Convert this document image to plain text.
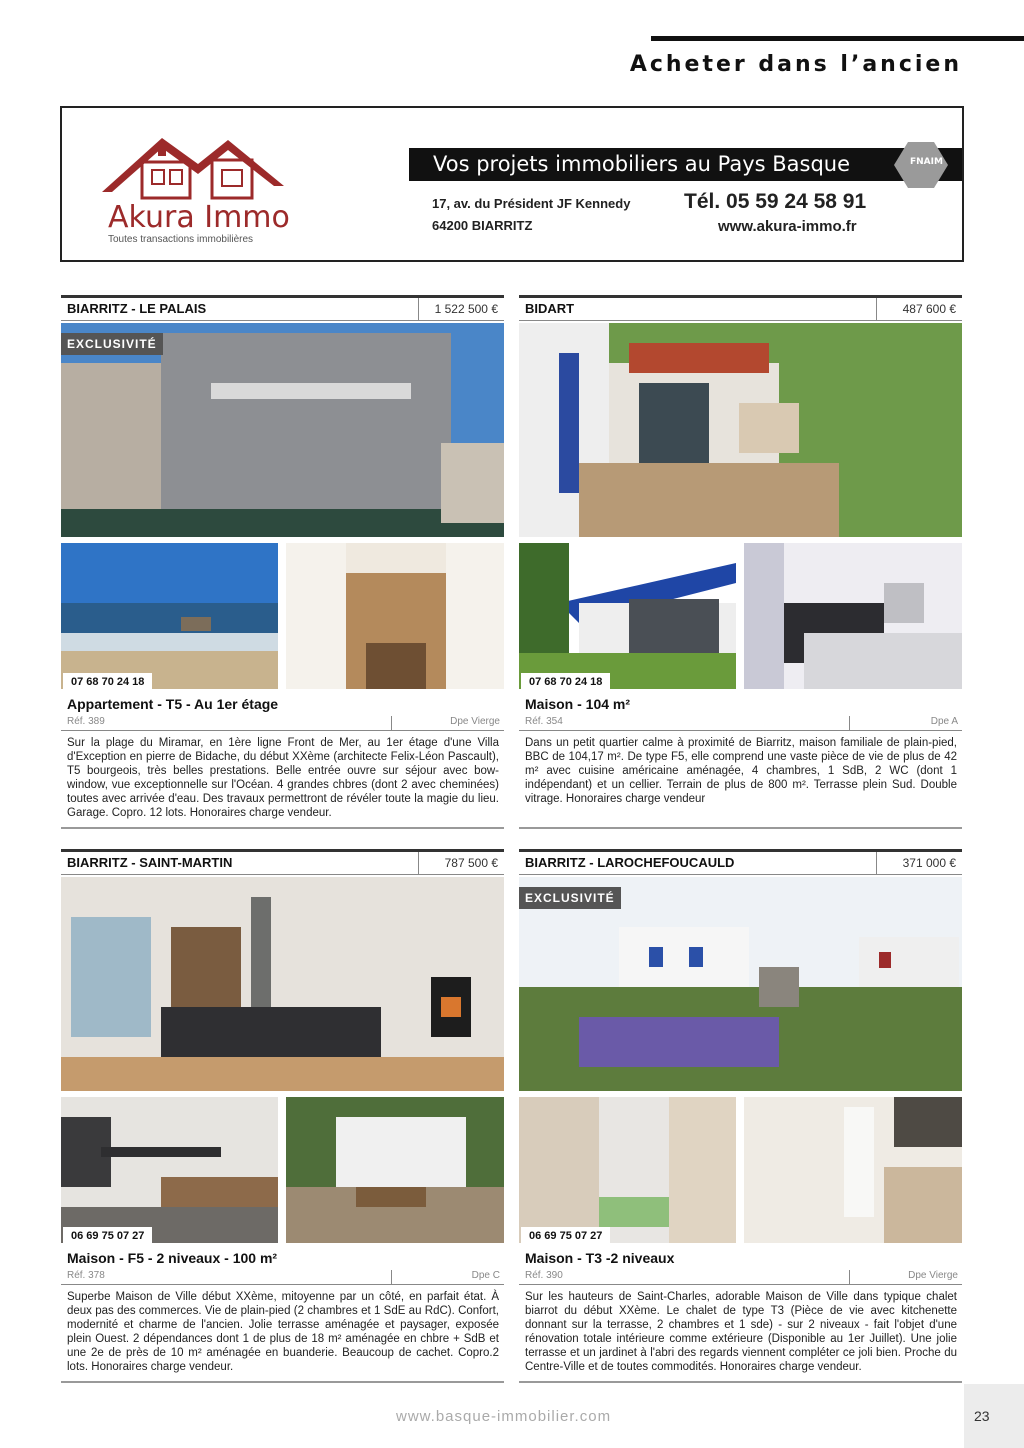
Acheter dans l’ancien
Akura Immo
Toutes transactions immobilières
Vos projets immobiliers au Pays Basque	FNAIM
17, av. du Président JF Kennedy
64200 BIARRITZ
Tél. 05 59 24 58 91
www.akura-immo.fr
BIARRITZ - LE PALAIS	1 522 500 €
EXCLUSIVITÉ
07 68 70 24 18
Appartement - T5 - Au 1er étage
Réf. 389	Dpe Vierge
Sur la plage du Miramar, en 1ère ligne Front de Mer, au 1er étage d'une Villa d'Exception en pierre de Bidache, du début XXème (architecte Felix-Léon Pascault), T5 bourgeois, très belles prestations. Belle entrée ouvre sur séjour avec bow-window, vue exceptionnelle sur l'Océan. 4 grandes chbres (dont 2 avec cheminées) toutes avec arrivée d'eau. Des travaux permettront de révéler toute la magie du lieu. Garage. Copro. 12 lots. Honoraires charge vendeur.
BIDART	487 600 €
07 68 70 24 18
Maison - 104 m²
Réf. 354	Dpe A
Dans un petit quartier calme à proximité de Biarritz, maison familiale de plain-pied, BBC de 104,17 m². De type F5, elle comprend une vaste pièce de vie de plus de 42 m² avec cuisine américaine aménagée, 4 chambres, 1 SdB, 2 WC (dont 1 indépendant) et un cellier. Terrain de plus de 800 m². Terrasse plein Sud. Double vitrage. Honoraires charge vendeur
BIARRITZ - SAINT-MARTIN	787 500 €
06 69 75 07 27
Maison - F5 - 2 niveaux - 100 m²
Réf. 378	Dpe C
Superbe Maison de Ville début XXème, mitoyenne par un côté, en parfait état. À deux pas des commerces. Vie de plain-pied (2 chambres et 1 SdE au RdC). Confort, modernité et charme de l'ancien. Jolie terrasse aménagée et paysager, exposée plein Ouest. 2 dépendances dont 1 de plus de 18 m² aménagée en chbre + SdB et une 2e de près de 10 m² aménagée en buanderie. Beaucoup de cachet. Copro.2 lots. Honoraires charge vendeur.
BIARRITZ - LAROCHEFOUCAULD	371 000 €
EXCLUSIVITÉ
06 69 75 07 27
Maison - T3 -2 niveaux
Réf. 390	Dpe Vierge
Sur les hauteurs de Saint-Charles, adorable Maison de Ville dans typique chalet biarrot du début XXème. Le chalet de type T3 (Pièce de vie avec kitchenette donnant sur la terrasse, 2 chambres et 1 sde) - sur 2 niveaux - fait l'objet d'une rénovation totale intérieure comme extérieure (Disponible au 1er Juillet). Une jolie terrasse et un jardinet à l'abri des regards viennent compléter ce joli bien. Proche du Centre-Ville et de toutes commodités. Honoraires charge vendeur.
www.basque-immobilier.com	23
